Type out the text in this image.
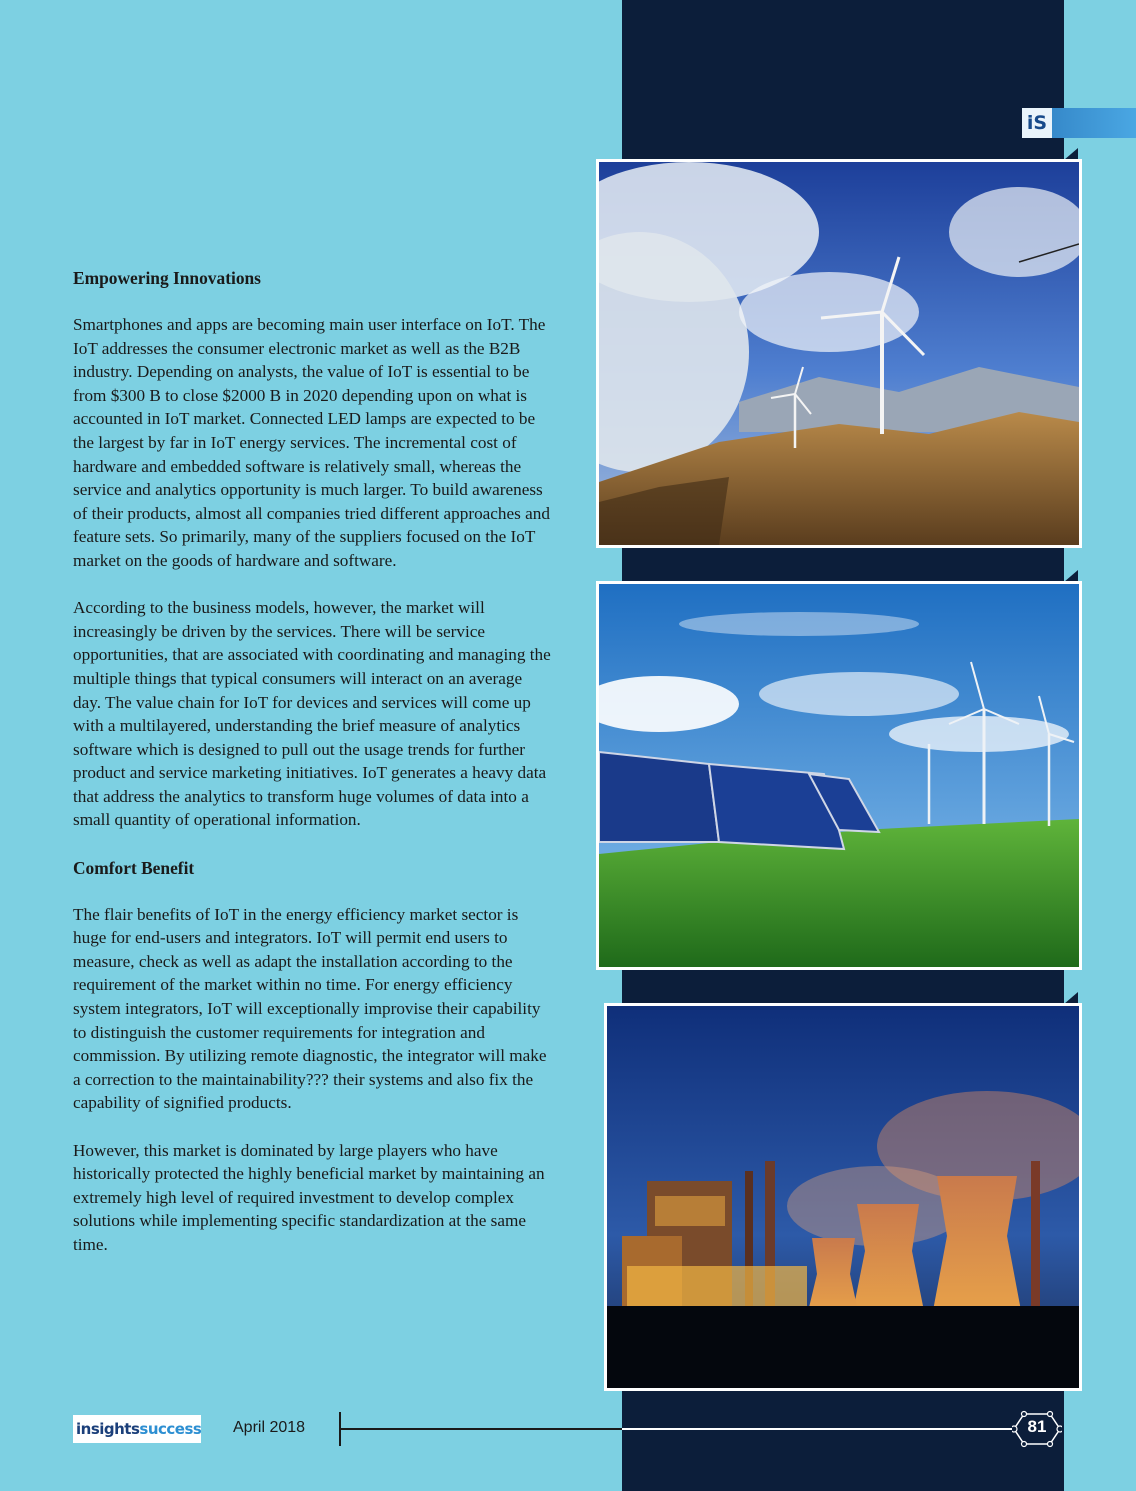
iS
Empowering Innovations

Smartphones and apps are becoming main user interface on IoT. The IoT addresses the consumer electronic market as well as the B2B industry. Depending on analysts, the value of IoT is essential to be from $300 B to close $2000 B in 2020 depending upon on what is accounted in IoT market. Connected LED lamps are expected to be the largest by far in IoT energy services. The incremental cost of hardware and embedded software is relatively small, whereas the service and analytics opportunity is much larger. To build awareness of their products, almost all companies tried different approaches and feature sets. So primarily, many of the suppliers focused on the IoT market on the goods of hardware and software.

According to the business models, however, the market will increasingly be driven by the services. There will be service opportunities, that are associated with coordinating and managing the multiple things that typical consumers will interact on an average day. The value chain for IoT for devices and services will come up with a multilayered, understanding the brief measure of analytics software which is designed to pull out the usage trends for further product and service marketing initiatives. IoT generates a heavy data that address the analytics to transform huge volumes of data into a small quantity of operational information.

Comfort Benefit

The flair benefits of IoT in the energy efficiency market sector is huge for end-users and integrators. IoT will permit end users to measure, check as well as adapt the installation according to the requirement of the market within no time. For energy efficiency system integrators, IoT will exceptionally improvise their capability to distinguish the customer requirements for integration and commission. By utilizing remote diagnostic, the integrator will make a correction to the maintainability??? their systems and also fix the capability of signified products.

However, this market is dominated by large players who have historically protected the highly beneficial market by maintaining an extremely high level of required investment to develop complex solutions while implementing specific standardization at the same time.

insights success April 2018	81
